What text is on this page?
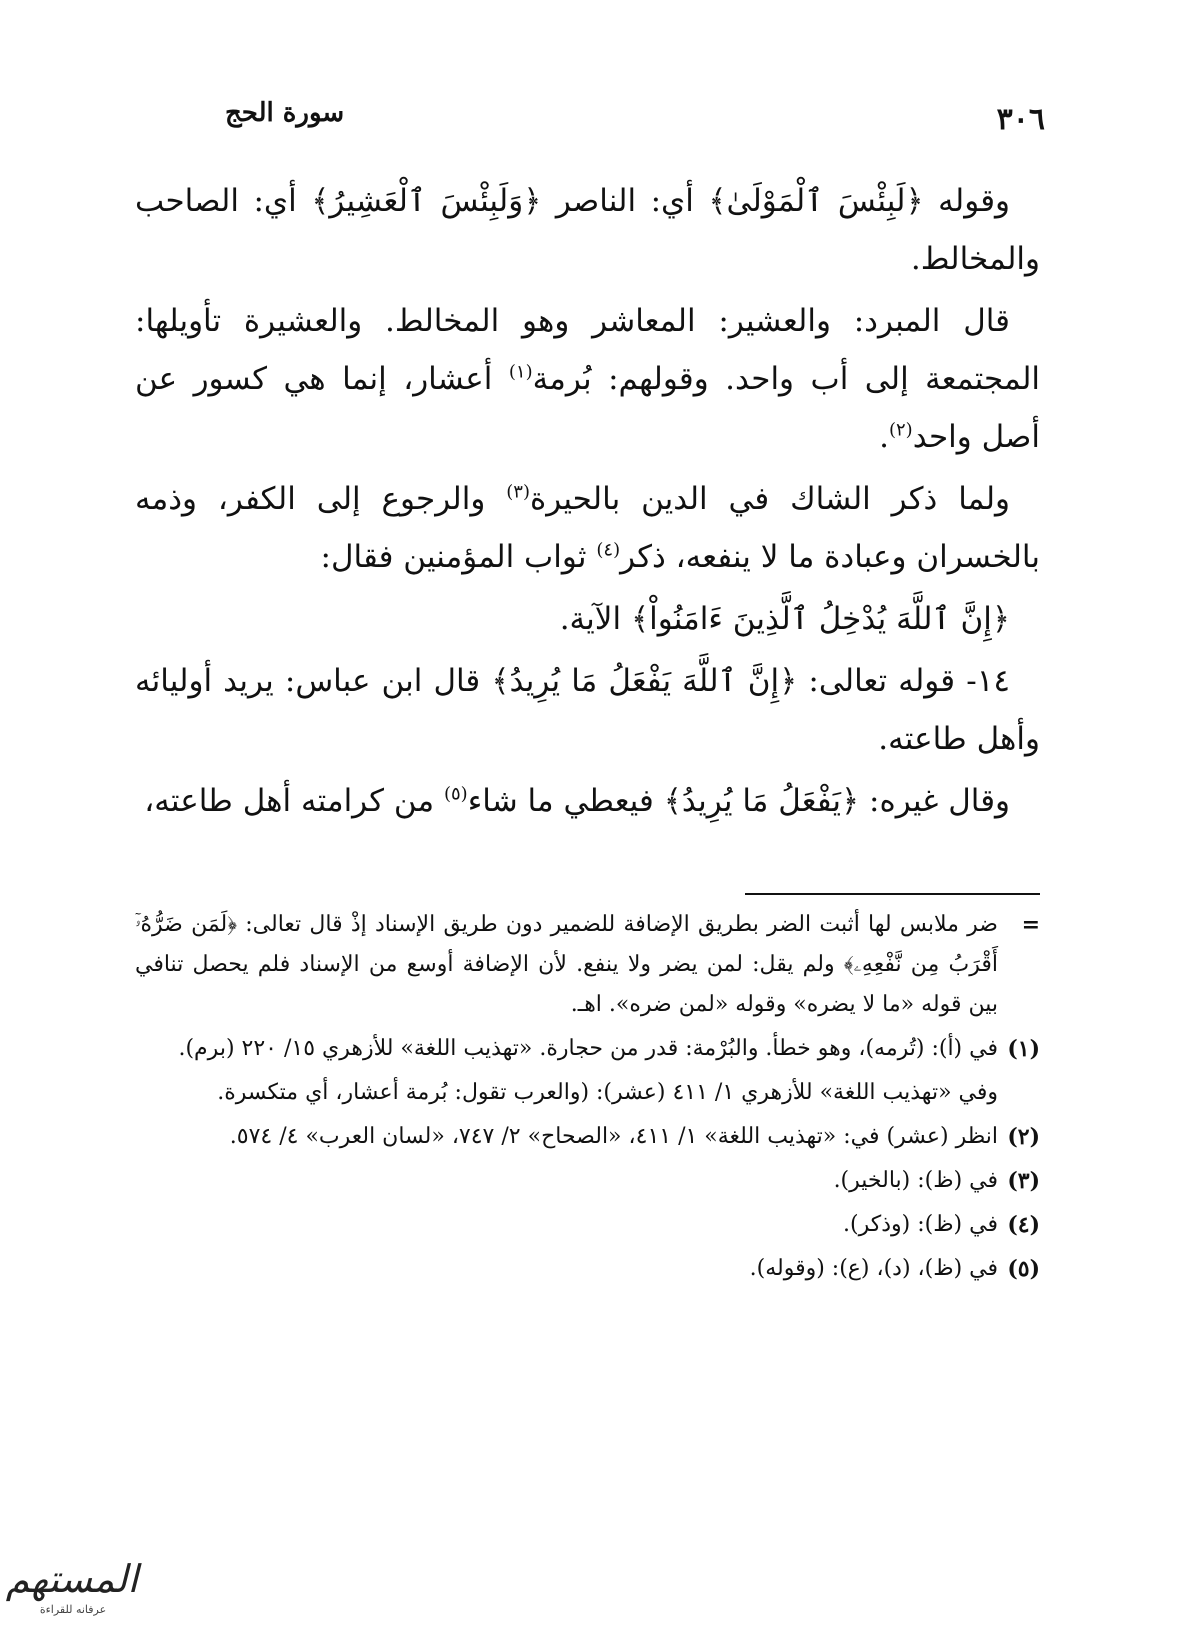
٣٠٦
سورة الحج

وقوله ﴿لَبِئْسَ ٱلْمَوْلَىٰ﴾ أي: الناصر ﴿وَلَبِئْسَ ٱلْعَشِيرُ﴾ أي: الصاحب والمخالط.

قال المبرد: والعشير: المعاشر وهو المخالط. والعشيرة تأويلها: المجتمعة إلى أب واحد. وقولهم: بُرمة$^{(١)}$ أعشار، إنما هي كسور عن أصل واحد$^{(٢)}$.

ولما ذكر الشاك في الدين بالحيرة$^{(٣)}$ والرجوع إلى الكفر، وذمه بالخسران وعبادة ما لا ينفعه، ذكر$^{(٤)}$ ثواب المؤمنين فقال:

﴿إِنَّ ٱللَّهَ يُدْخِلُ ٱلَّذِينَ ءَامَنُواْ﴾ الآية.

١٤- قوله تعالى: ﴿إِنَّ ٱللَّهَ يَفْعَلُ مَا يُرِيدُ﴾ قال ابن عباس: يريد أوليائه وأهل طاعته.

وقال غيره: ﴿يَفْعَلُ مَا يُرِيدُ﴾ فيعطي ما شاء$^{(٥)}$ من كرامته أهل طاعته،

=
ضر ملابس لها أثبت الضر بطريق الإضافة للضمير دون طريق الإسناد إذْ قال تعالى: ﴿لَمَن ضَرُّهُۥٓ أَقْرَبُ مِن نَّفْعِهِۦ﴾ ولم يقل: لمن يضر ولا ينفع. لأن الإضافة أوسع من الإسناد فلم يحصل تنافي بين قوله «ما لا يضره» وقوله «لمن ضره». اهـ.
(١)
في (أ): (تُرمه)، وهو خطأ. والبُرْمة: قدر من حجارة. «تهذيب اللغة» للأزهري ١٥/ ٢٢٠ (برم).
وفي «تهذيب اللغة» للأزهري ١/ ٤١١ (عشر): (والعرب تقول: بُرمة أعشار، أي متكسرة.
(٢)
انظر (عشر) في: «تهذيب اللغة» ١/ ٤١١، «الصحاح» ٢/ ٧٤٧، «لسان العرب» ٤/ ٥٧٤.
(٣)
في (ظ): (بالخير).
(٤)
في (ظ): (وذكر).
(٥)
في (ظ)، (د)، (ع): (وقوله).
المستهم
عرفانه للقراءة
